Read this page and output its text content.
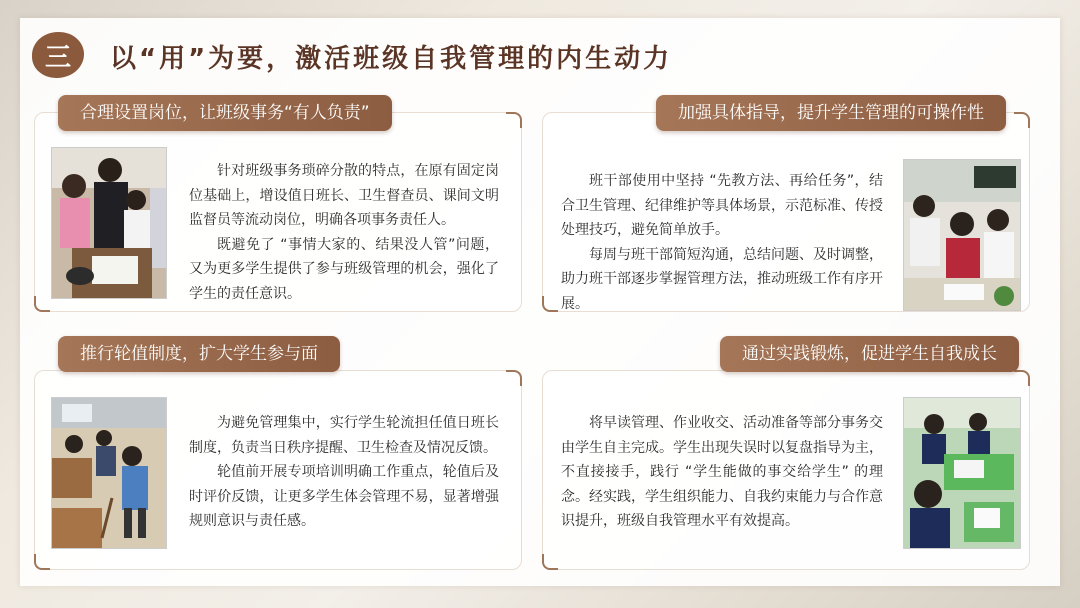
三	以“用”为要，激活班级自我管理的内生动力

针对班级事务琐碎分散的特点，在原有固定岗位基础上，增设值日班长、卫生督查员、课间文明监督员等流动岗位，明确各项事务责任人。

既避免了 “事情大家的、结果没人管”问题，又为更多学生提供了参与班级管理的机会，强化了学生的责任意识。

合理设置岗位，让班级事务“有人负责”

班干部使用中坚持 “先教方法、再给任务”，结合卫生管理、纪律维护等具体场景，示范标准、传授处理技巧，避免简单放手。

每周与班干部简短沟通，总结问题、及时调整，助力班干部逐步掌握管理方法，推动班级工作有序开展。

加强具体指导，提升学生管理的可操作性

为避免管理集中，实行学生轮流担任值日班长制度，负责当日秩序提醒、卫生检查及情况反馈。

轮值前开展专项培训明确工作重点，轮值后及时评价反馈，让更多学生体会管理不易，显著增强规则意识与责任感。

推行轮值制度，扩大学生参与面

将早读管理、作业收交、活动准备等部分事务交由学生自主完成。学生出现失误时以复盘指导为主，不直接接手，践行 “学生能做的事交给学生” 的理念。经实践，学生组织能力、自我约束能力与合作意识提升，班级自我管理水平有效提高。

通过实践锻炼，促进学生自我成长
